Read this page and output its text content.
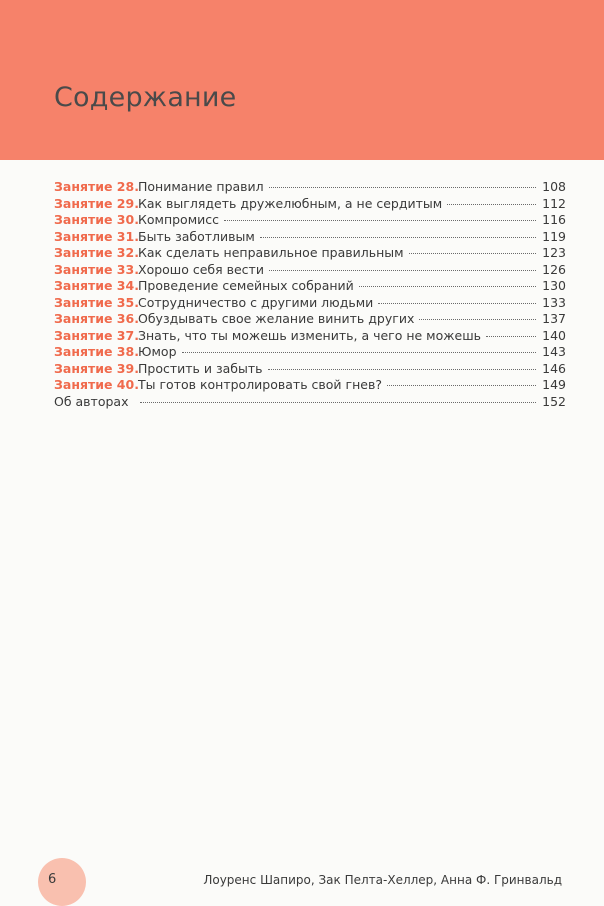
Содержание
Занятие 28. Понимание правил	108
Занятие 29. Как выглядеть дружелюбным, а не сердитым	112
Занятие 30. Компромисс	116
Занятие 31. Быть заботливым	119
Занятие 32. Как сделать неправильное правильным	123
Занятие 33. Хорошо себя вести	126
Занятие 34. Проведение семейных собраний	130
Занятие 35. Сотрудничество с другими людьми	133
Занятие 36. Обуздывать свое желание винить других	137
Занятие 37. Знать, что ты можешь изменить, а чего не можешь	140
Занятие 38. Юмор	143
Занятие 39. Простить и забыть	146
Занятие 40. Ты готов контролировать свой гнев?	149
Об авторах	152
6	Лоуренс Шапиро, Зак Пелта-Хеллер, Анна Ф. Гринвальд
